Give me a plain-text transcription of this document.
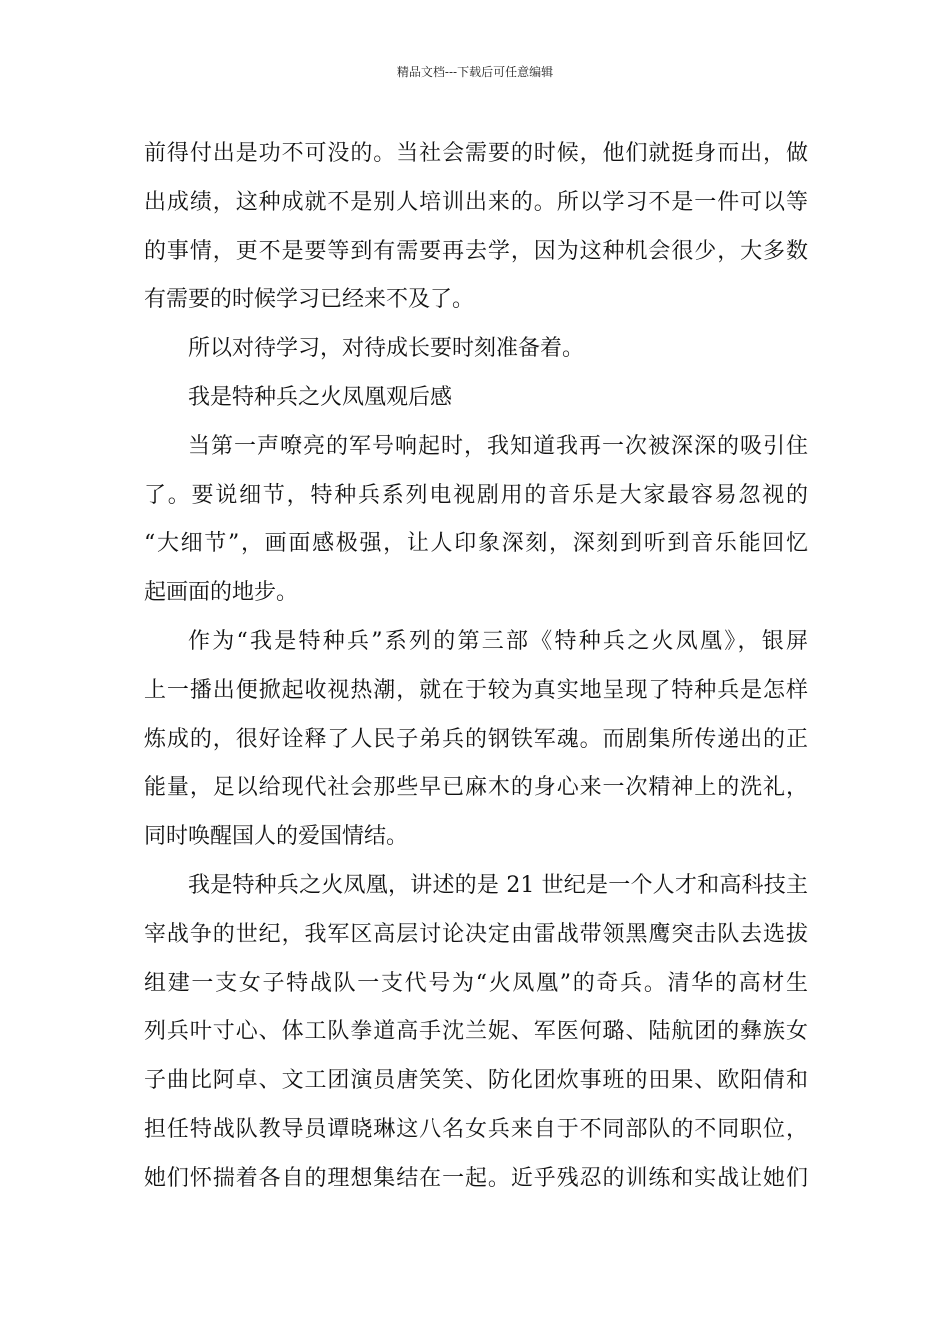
精品文档---下载后可任意编辑
前得付出是功不可没的。当社会需要的时候，他们就挺身而出，做
出成绩，这种成就不是别人培训出来的。所以学习不是一件可以等
的事情，更不是要等到有需要再去学，因为这种机会很少，大多数
有需要的时候学习已经来不及了。
所以对待学习，对待成长要时刻准备着。
我是特种兵之火凤凰观后感
当第一声嘹亮的军号响起时，我知道我再一次被深深的吸引住
了。要说细节，特种兵系列电视剧用的音乐是大家最容易忽视的
“大细节”，画面感极强，让人印象深刻，深刻到听到音乐能回忆
起画面的地步。
作为“我是特种兵”系列的第三部《特种兵之火凤凰》，银屏
上一播出便掀起收视热潮，就在于较为真实地呈现了特种兵是怎样
炼成的，很好诠释了人民子弟兵的钢铁军魂。而剧集所传递出的正
能量，足以给现代社会那些早已麻木的身心来一次精神上的洗礼，
同时唤醒国人的爱国情结。
我是特种兵之火凤凰，讲述的是 21 世纪是一个人才和高科技主
宰战争的世纪，我军区高层讨论决定由雷战带领黑鹰突击队去选拔
组建一支女子特战队一支代号为“火凤凰”的奇兵。清华的高材生
列兵叶寸心、体工队拳道高手沈兰妮、军医何璐、陆航团的彝族女
子曲比阿卓、文工团演员唐笑笑、防化团炊事班的田果、欧阳倩和
担任特战队教导员谭晓琳这八名女兵来自于不同部队的不同职位，
她们怀揣着各自的理想集结在一起。近乎残忍的训练和实战让她们
